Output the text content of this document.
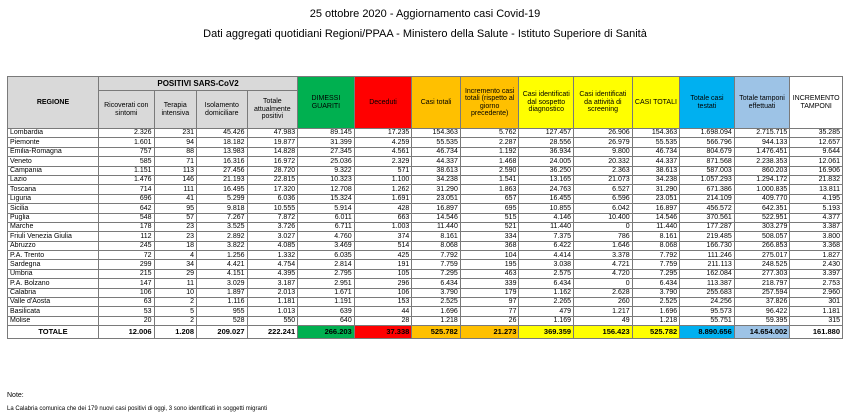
25 ottobre 2020 - Aggiornamento casi Covid-19
Dati aggregati quotidiani Regioni/PPAA - Ministero della Salute - Istituto Superiore di Sanità
REGIONE	POSITIVI SARS-CoV2				DIMESSI GUARITI	Deceduti	Casi totali	Incremento casi totali (rispetto al giorno precedente)	Casi identificati dal sospetto diagnostico	Casi identificati da attività di screening	CASI TOTALI	Totale casi testati	Totale tamponi effettuati	INCREMENTO TAMPONI
	Ricoverati con sintomi	Terapia intensiva	Isolamento domiciliare	Totale attualmente positivi										
Lombardia	2.326	231	45.426	47.983	89.145	17.235	154.363	5.762	127.457	26.906	154.363	1.698.094	2.715.715	35.285
Piemonte	1.601	94	18.182	19.877	31.399	4.259	55.535	2.287	28.556	26.979	55.535	566.796	944.133	12.657
Emilia-Romagna	757	88	13.983	14.828	27.345	4.561	46.734	1.192	36.934	9.800	46.734	804.679	1.476.451	9.644
Veneto	585	71	16.316	16.972	25.036	2.329	44.337	1.468	24.005	20.332	44.337	871.568	2.238.353	12.061
Campania	1.151	113	27.456	28.720	9.322	571	38.613	2.590	36.250	2.363	38.613	587.003	860.203	16.906
Lazio	1.476	146	21.193	22.815	10.323	1.100	34.238	1.541	13.165	21.073	34.238	1.057.293	1.294.172	21.832
Toscana	714	111	16.495	17.320	12.708	1.262	31.290	1.863	24.763	6.527	31.290	671.386	1.000.835	13.811
Liguria	696	41	5.299	6.036	15.324	1.691	23.051	657	16.455	6.596	23.051	214.109	409.770	4.195
Sicilia	642	95	9.818	10.555	5.914	428	16.897	695	10.855	6.042	16.897	456.572	642.351	5.193
Puglia	548	57	7.267	7.872	6.011	663	14.546	515	4.146	10.400	14.546	370.561	522.951	4.377
Marche	178	23	3.525	3.726	6.711	1.003	11.440	521	11.440	0	11.440	177.287	303.279	3.387
Friuli Venezia Giulia	112	23	2.892	3.027	4.760	374	8.161	334	7.375	786	8.161	219.485	508.057	3.800
Abruzzo	245	18	3.822	4.085	3.469	514	8.068	368	6.422	1.646	8.068	166.730	266.853	3.368
P.A. Trento	72	4	1.256	1.332	6.035	425	7.792	104	4.414	3.378	7.792	111.246	275.017	1.827
Sardegna	299	34	4.421	4.754	2.814	191	7.759	195	3.038	4.721	7.759	211.113	248.525	2.430
Umbria	215	29	4.151	4.395	2.795	105	7.295	463	2.575	4.720	7.295	162.084	277.303	3.397
P.A. Bolzano	147	11	3.029	3.187	2.951	296	6.434	339	6.434	0	6.434	113.387	218.797	2.753
Calabria	106	10	1.897	2.013	1.671	106	3.790	179	1.162	2.628	3.790	255.683	257.594	2.960
Valle d'Aosta	63	2	1.116	1.181	1.191	153	2.525	97	2.265	260	2.525	24.256	37.826	301
Basilicata	53	5	955	1.013	639	44	1.696	77	479	1.217	1.696	95.573	96.422	1.181
Molise	20	2	528	550	640	28	1.218	26	1.169	49	1.218	55.751	59.395	315
TOTALE	12.006	1.208	209.027	222.241	266.203	37.338	525.782	21.273	369.359	156.423	525.782	8.890.656	14.654.002	161.880
Note:
La Calabria comunica che dei 179 nuovi casi positivi di oggi, 3 sono identificati in soggetti migranti
